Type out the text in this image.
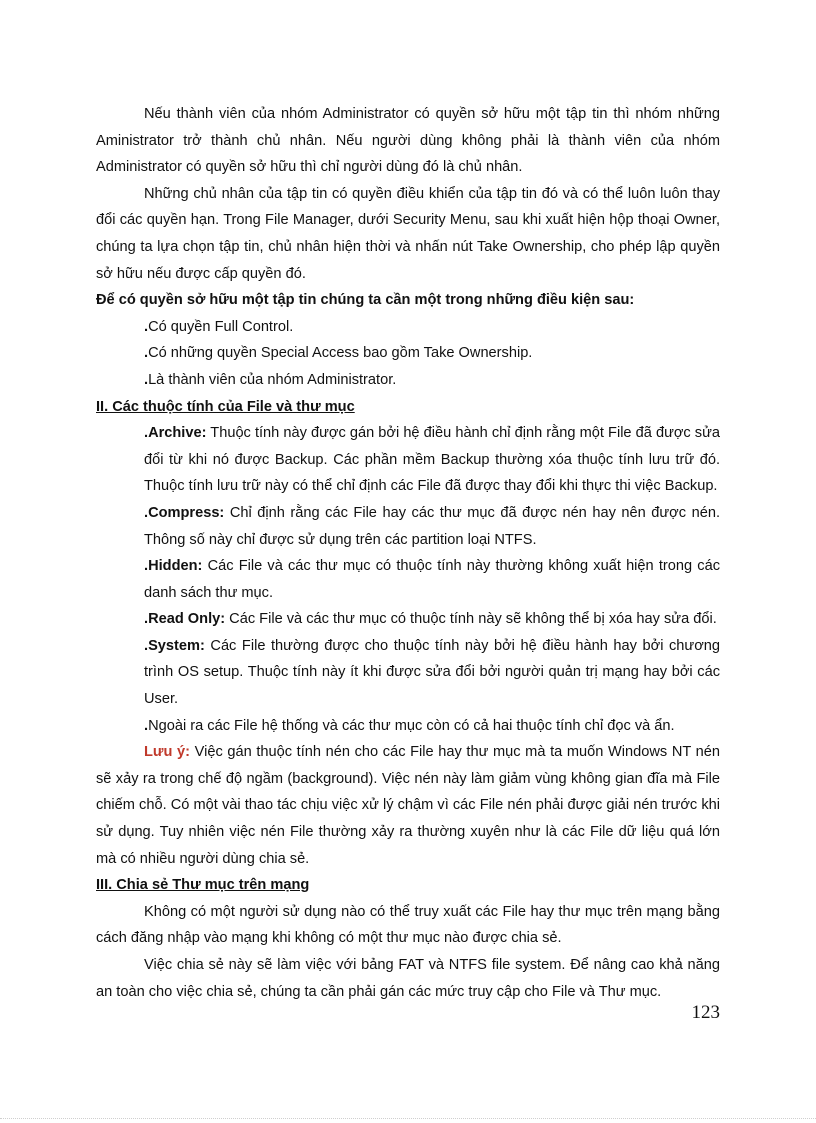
Nếu thành viên của nhóm Administrator có quyền sở hữu một tập tin thì nhóm những Aministrator trở thành chủ nhân. Nếu người dùng không phải là thành viên của nhóm Administrator có quyền sở hữu thì chỉ người dùng đó là chủ nhân.

Những chủ nhân của tập tin có quyền điều khiển của tập tin đó và có thể luôn luôn thay đổi các quyền hạn. Trong File Manager, dưới Security Menu, sau khi xuất hiện hộp thoại Owner, chúng ta lựa chọn tập tin, chủ nhân hiện thời và nhấn nút Take Ownership, cho phép lập quyền sở hữu nếu được cấp quyền đó.

Để có quyền sở hữu một tập tin chúng ta cần một trong những điều kiện sau:

.Có quyền Full Control.

.Có những quyền Special Access bao gồm Take Ownership.

.Là thành viên của nhóm Administrator.

II. Các thuộc tính của File và thư mục

.Archive: Thuộc tính này được gán bởi hệ điều hành chỉ định rằng một File đã được sửa đổi từ khi nó được Backup. Các phần mềm Backup thường xóa thuộc tính lưu trữ đó. Thuộc tính lưu trữ này có thể chỉ định các File đã được thay đổi khi thực thi việc Backup.

.Compress: Chỉ định rằng các File hay các thư mục đã được nén hay nên được nén. Thông số này chỉ được sử dụng trên các partition loại NTFS.

.Hidden: Các File và các thư mục có thuộc tính này thường không xuất hiện trong các danh sách thư mục.

.Read Only: Các File và các thư mục có thuộc tính này sẽ không thể bị xóa hay sửa đổi.

.System: Các File thường được cho thuộc tính này bởi hệ điều hành hay bởi chương trình OS setup. Thuộc tính này ít khi được sửa đổi bởi người quản trị mạng hay bởi các User.

.Ngoài ra các File hệ thống và các thư mục còn có cả hai thuộc tính chỉ đọc và ẩn.

Lưu ý: Việc gán thuộc tính nén cho các File hay thư mục mà ta muốn Windows NT nén sẽ xảy ra trong chế độ ngầm (background). Việc nén này làm giảm vùng không gian đĩa mà File chiếm chỗ. Có một vài thao tác chịu việc xử lý chậm vì các File nén phải được giải nén trước khi sử dụng. Tuy nhiên việc nén File thường xảy ra thường xuyên như là các File dữ liệu quá lớn mà có nhiều người dùng chia sẻ.

III. Chia sẻ Thư mục trên mạng

Không có một người sử dụng nào có thể truy xuất các File hay thư mục trên mạng bằng cách đăng nhập vào mạng khi không có một thư mục nào được chia sẻ.

Việc chia sẻ này sẽ làm việc với bảng FAT và NTFS file system. Để nâng cao khả năng an toàn cho việc chia sẻ, chúng ta cần phải gán các mức truy cập cho File và Thư mục.

123
